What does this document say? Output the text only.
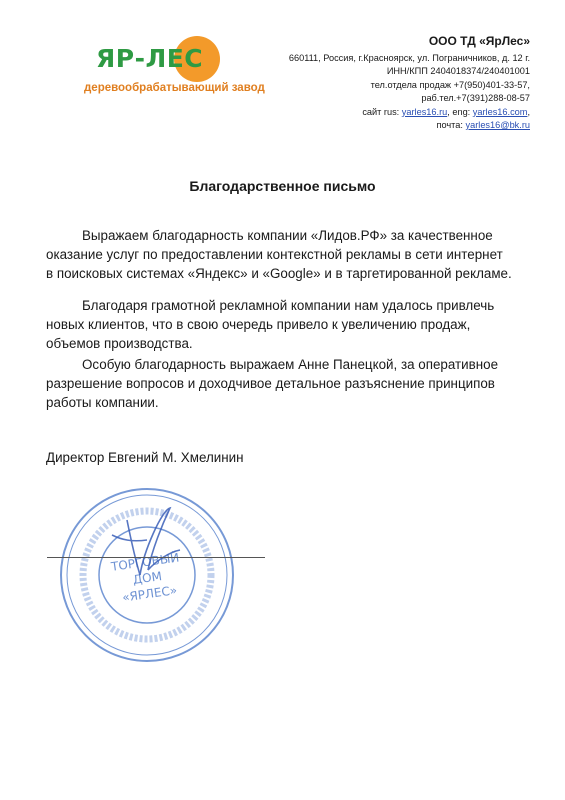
ЯР-ЛЕС
деревообрабатывающий завод
ООО ТД «ЯрЛес»
660111, Россия, г.Красноярск, ул. Пограничников, д. 12 г.
ИНН/КПП 2404018374/240401001
тел.отдела продаж +7(950)401-33-57,
раб.тел.+7(391)288-08-57
сайт rus: yarles16.ru, eng: yarles16.com,
почта: yarles16@bk.ru
Благодарственное письмо
Выражаем благодарность компании «Лидов.РФ» за качественное
оказание услуг по предоставлении контекстной рекламы в сети интернет
в поисковых системах «Яндекс» и «Google» и в таргетированной рекламе.
Благодаря грамотной рекламной компании нам удалось привлечь
новых клиентов, что в свою очередь привело к увеличению продаж,
объемов производства.
Особую благодарность выражаем Анне Панецкой, за оперативное
разрешение вопросов и доходчивое детальное разъяснение принципов
работы компании.
Директор Евгений М. Хмелинин
ТОРГОВЫЙ
ДОМ
«ЯРЛЕС»
